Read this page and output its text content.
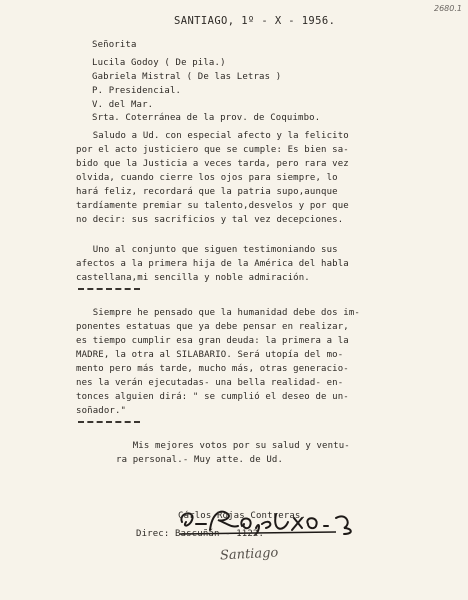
2680.1
SANTIAGO, 1º - X - 1956.
Señorita
Lucila Godoy ( De pila.)
Gabriela Mistral ( De las Letras )
P. Presidencial.
V. del Mar.
Srta. Coterránea de la prov. de Coquimbo.
Saludo a Ud. con especial afecto y la felicito
por el acto justiciero que se cumple: Es bien sa-
bido que la Justicia a veces tarda, pero rara vez
olvida, cuando cierre los ojos para siempre, lo
hará feliz, recordará que la patria supo,aunque
tardíamente premiar su talento,desvelos y por que
no decir: sus sacrificios y tal vez decepciones.
Uno al conjunto que siguen testimoniando sus
afectos a la primera hija de la América del habla
castellana,mi sencilla y noble admiración.
Siempre he pensado que la humanidad debe dos im-
ponentes estatuas que ya debe pensar en realizar,
es tiempo cumplir esa gran deuda: la primera a la
MADRE, la otra al SILABARIO. Será utopía del mo-
mento pero más tarde, mucho más, otras generacio-
nes la verán ejecutadas- una bella realidad- en-
tonces alguien dirá: " se cumplió el deseo de un-
soñador."
Mis mejores votos por su salud y ventu-
ra personal.- Muy atte. de Ud.
Cárlos Rojas Contreras.
Direc: Bascuñán - 1122.
Santiago
